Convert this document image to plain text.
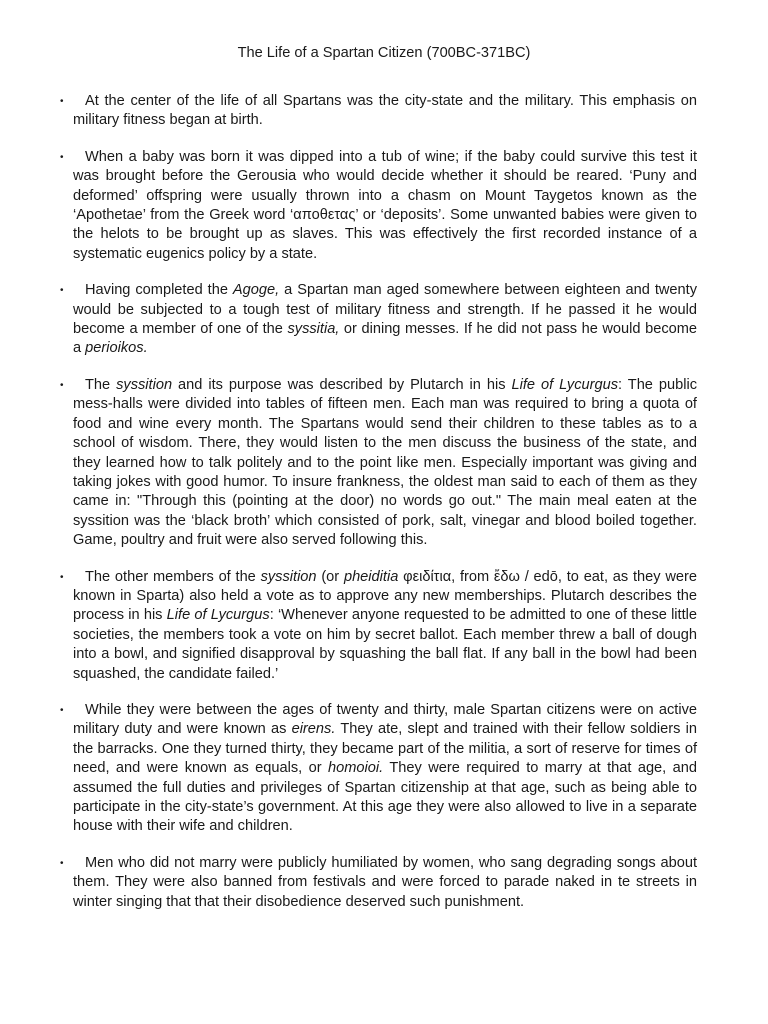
The Life of a Spartan Citizen (700BC-371BC)
• At the center of the life of all Spartans was the city-state and the military. This emphasis on military fitness began at birth.
• When a baby was born it was dipped into a tub of wine; if the baby could survive this test it was brought before the Gerousia who would decide whether it should be reared. ‘Puny and deformed’ offspring were usually thrown into a chasm on Mount Taygetos known as the ‘Apothetae’ from the Greek word ‘αποθετας’ or ‘deposits’. Some unwanted babies were given to the helots to be brought up as slaves. This was effectively the first recorded instance of a systematic eugenics policy by a state.
• Having completed the Agoge, a Spartan man aged somewhere between eighteen and twenty would be subjected to a tough test of military fitness and strength. If he passed it he would become a member of one of the syssitia, or dining messes. If he did not pass he would become a perioikos.
• The syssition and its purpose was described by Plutarch in his Life of Lycurgus: The public mess-halls were divided into tables of fifteen men. Each man was required to bring a quota of food and wine every month. The Spartans would send their children to these tables as to a school of wisdom. There, they would listen to the men discuss the business of the state, and they learned how to talk politely and to the point like men. Especially important was giving and taking jokes with good humor. To insure frankness, the oldest man said to each of them as they came in: "Through this (pointing at the door) no words go out." The main meal eaten at the syssition was the ‘black broth’ which consisted of pork, salt, vinegar and blood boiled together. Game, poultry and fruit were also served following this.
• The other members of the syssition (or pheiditia φειδίτια, from ἔδω / edō, to eat, as they were known in Sparta) also held a vote as to approve any new memberships. Plutarch describes the process in his Life of Lycurgus: ‘Whenever anyone requested to be admitted to one of these little societies, the members took a vote on him by secret ballot. Each member threw a ball of dough into a bowl, and signified disapproval by squashing the ball flat. If any ball in the bowl had been squashed, the candidate failed.’
• While they were between the ages of twenty and thirty, male Spartan citizens were on active military duty and were known as eirens. They ate, slept and trained with their fellow soldiers in the barracks. One they turned thirty, they became part of the militia, a sort of reserve for times of need, and were known as equals, or homoioi. They were required to marry at that age, and assumed the full duties and privileges of Spartan citizenship at that age, such as being able to participate in the city-state’s government. At this age they were also allowed to live in a separate house with their wife and children.
• Men who did not marry were publicly humiliated by women, who sang degrading songs about them. They were also banned from festivals and were forced to parade naked in te streets in winter singing that that their disobedience deserved such punishment.
